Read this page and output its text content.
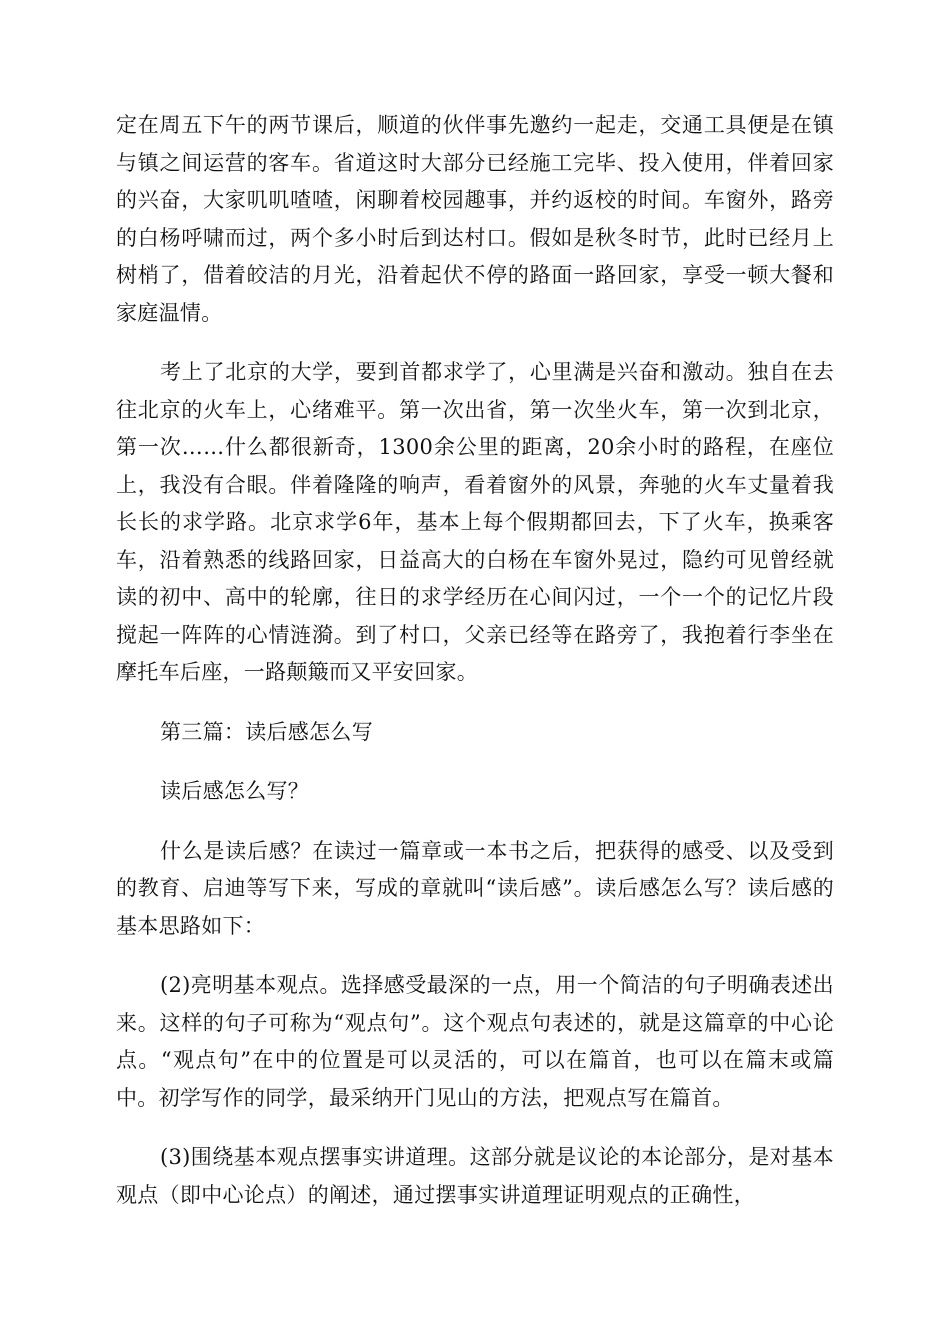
定在周五下午的两节课后，顺道的伙伴事先邀约一起走，交通工具便是在镇与镇之间运营的客车。省道这时大部分已经施工完毕、投入使用，伴着回家的兴奋，大家叽叽喳喳，闲聊着校园趣事，并约返校的时间。车窗外，路旁的白杨呼啸而过，两个多小时后到达村口。假如是秋冬时节，此时已经月上树梢了，借着皎洁的月光，沿着起伏不停的路面一路回家，享受一顿大餐和家庭温情。

考上了北京的大学，要到首都求学了，心里满是兴奋和激动。独自在去往北京的火车上，心绪难平。第一次出省，第一次坐火车，第一次到北京，第一次……什么都很新奇，1300余公里的距离，20余小时的路程，在座位上，我没有合眼。伴着隆隆的响声，看着窗外的风景，奔驰的火车丈量着我长长的求学路。北京求学6年，基本上每个假期都回去，下了火车，换乘客车，沿着熟悉的线路回家，日益高大的白杨在车窗外晃过，隐约可见曾经就读的初中、高中的轮廓，往日的求学经历在心间闪过，一个一个的记忆片段搅起一阵阵的心情涟漪。到了村口，父亲已经等在路旁了，我抱着行李坐在摩托车后座，一路颠簸而又平安回家。

第三篇：读后感怎么写

读后感怎么写？

什么是读后感？在读过一篇章或一本书之后，把获得的感受、以及受到的教育、启迪等写下来，写成的章就叫“读后感”。读后感怎么写？读后感的基本思路如下：

(2)亮明基本观点。选择感受最深的一点，用一个简洁的句子明确表述出来。这样的句子可称为“观点句”。这个观点句表述的，就是这篇章的中心论点。“观点句”在中的位置是可以灵活的，可以在篇首，也可以在篇末或篇中。初学写作的同学，最采纳开门见山的方法，把观点写在篇首。

(3)围绕基本观点摆事实讲道理。这部分就是议论的本论部分，是对基本观点（即中心论点）的阐述，通过摆事实讲道理证明观点的正确性，
